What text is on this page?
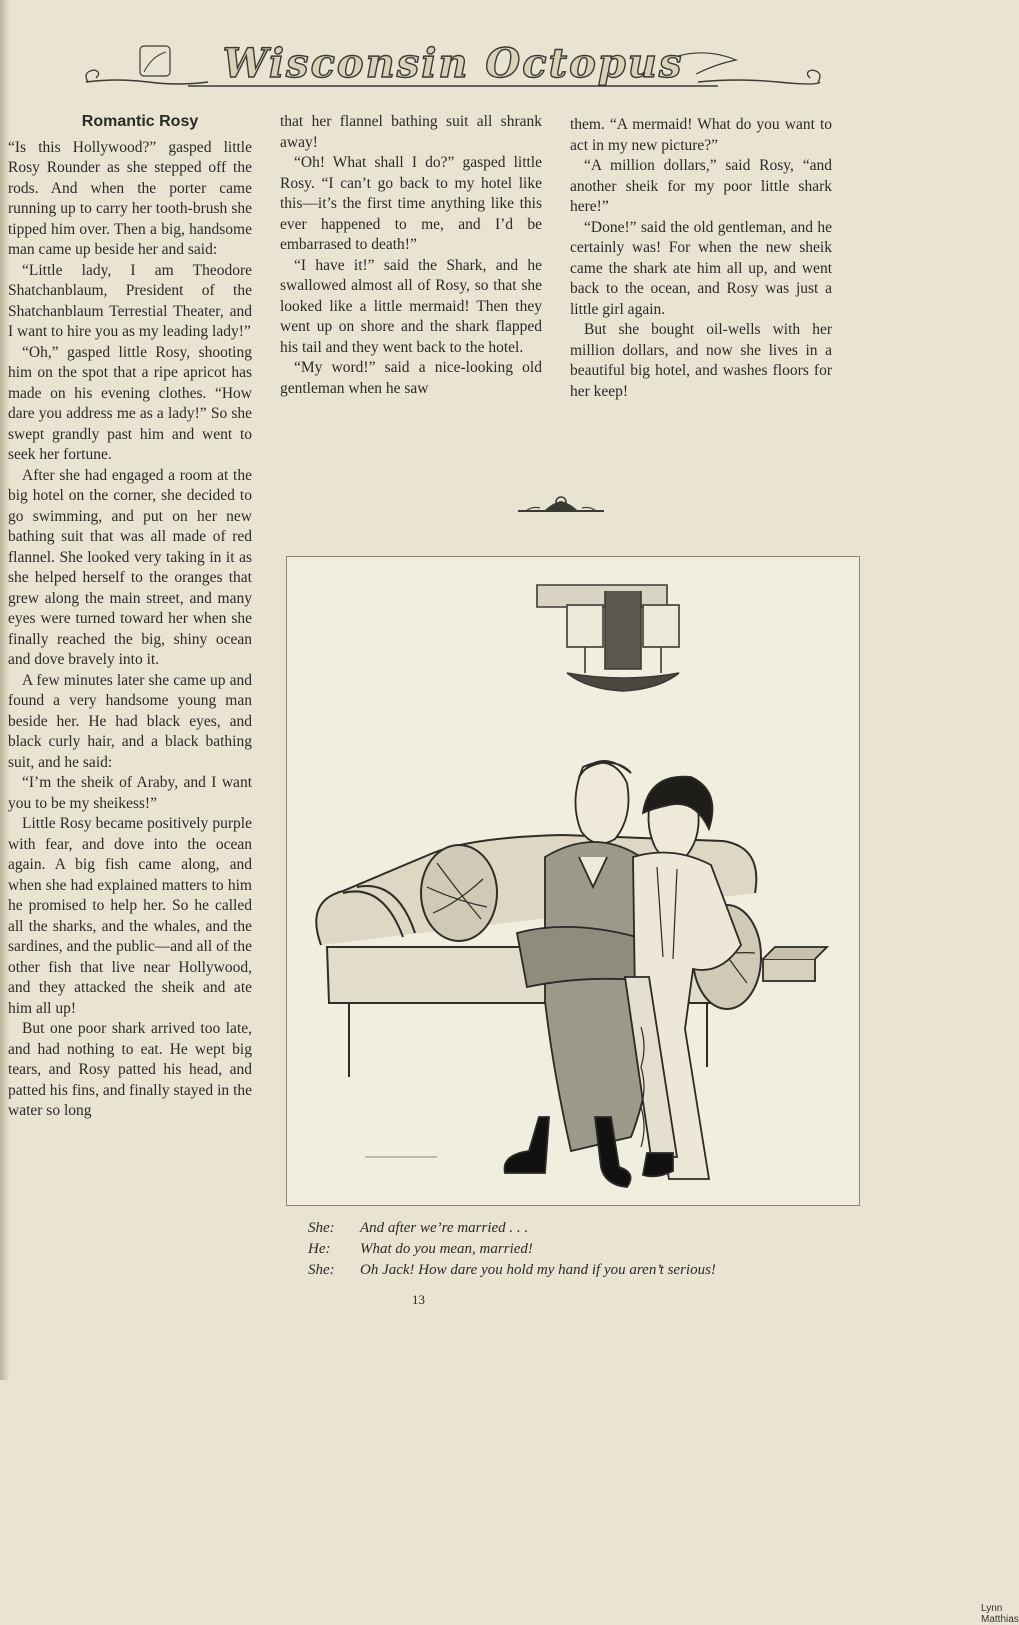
Wisconsin Octopus
Romantic Rosy

“Is this Hollywood?” gasped little Rosy Rounder as she stepped off the rods. And when the porter came running up to carry her tooth-brush she tipped him over. Then a big, handsome man came up beside her and said:

“Little lady, I am Theodore Shatchanblaum, President of the Shatchanblaum Terrestial Theater, and I want to hire you as my leading lady!”

“Oh,” gasped little Rosy, shooting him on the spot that a ripe apricot has made on his evening clothes. “How dare you address me as a lady!” So she swept grandly past him and went to seek her fortune.

After she had engaged a room at the big hotel on the corner, she decided to go swimming, and put on her new bathing suit that was all made of red flannel. She looked very taking in it as she helped herself to the oranges that grew along the main street, and many eyes were turned toward her when she finally reached the big, shiny ocean and dove bravely into it.

A few minutes later she came up and found a very handsome young man beside her. He had black eyes, and black curly hair, and a black bathing suit, and he said:

“I’m the sheik of Araby, and I want you to be my sheikess!”

Little Rosy became positively purple with fear, and dove into the ocean again. A big fish came along, and when she had explained matters to him he promised to help her. So he called all the sharks, and the whales, and the sardines, and the public—and all of the other fish that live near Hollywood, and they attacked the sheik and ate him all up!

But one poor shark arrived too late, and had nothing to eat. He wept big tears, and Rosy patted his head, and patted his fins, and finally stayed in the water so long

that her flannel bathing suit all shrank away!

“Oh! What shall I do?” gasped little Rosy. “I can’t go back to my hotel like this—it’s the first time anything like this ever happened to me, and I’d be embarrased to death!”

“I have it!” said the Shark, and he swallowed almost all of Rosy, so that she looked like a little mermaid! Then they went up on shore and the shark flapped his tail and they went back to the hotel.

“My word!” said a nice-looking old gentleman when he saw

them. “A mermaid! What do you want to act in my new picture?”

“A million dollars,” said Rosy, “and another sheik for my poor little shark here!”

“Done!” said the old gentleman, and he certainly was! For when the new sheik came the shark ate him all up, and went back to the ocean, and Rosy was just a little girl again.

But she bought oil-wells with her million dollars, and now she lives in a beautiful big hotel, and washes floors for her keep!

Lynn Matthias
She: And after we’re married . . .
He: What do you mean, married!
She: Oh Jack! How dare you hold my hand if you aren’t serious!
13
